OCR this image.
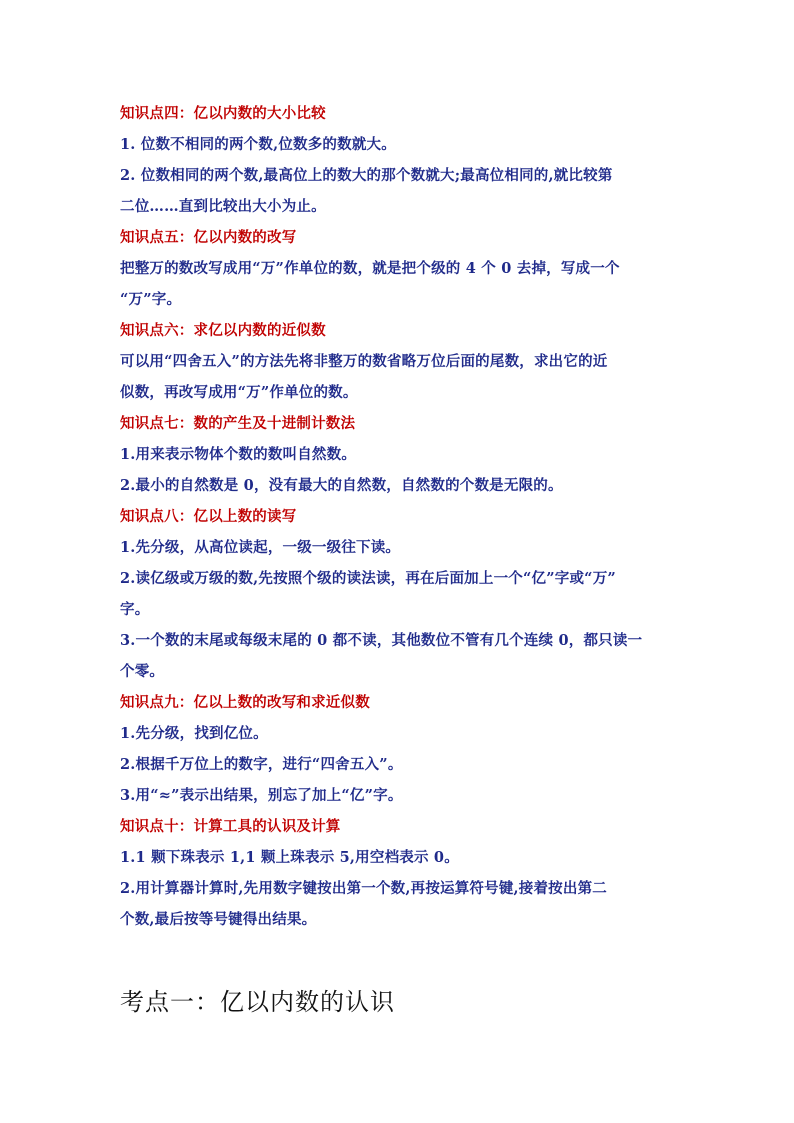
知识点四：亿以内数的大小比较
1. 位数不相同的两个数,位数多的数就大。
2. 位数相同的两个数,最高位上的数大的那个数就大;最高位相同的,就比较第
二位……直到比较出大小为止。
知识点五：亿以内数的改写
把整万的数改写成用“万”作单位的数，就是把个级的 4 个 0 去掉，写成一个
“万”字。
知识点六：求亿以内数的近似数
可以用“四舍五入”的方法先将非整万的数省略万位后面的尾数，求出它的近
似数，再改写成用“万”作单位的数。
知识点七：数的产生及十进制计数法
1.用来表示物体个数的数叫自然数。
2.最小的自然数是 0，没有最大的自然数，自然数的个数是无限的。
知识点八：亿以上数的读写
1.先分级，从高位读起，一级一级往下读。
2.读亿级或万级的数,先按照个级的读法读，再在后面加上一个“亿”字或“万”
字。
3.一个数的末尾或每级末尾的 0 都不读，其他数位不管有几个连续 0，都只读一
个零。
知识点九：亿以上数的改写和求近似数
1.先分级，找到亿位。
2.根据千万位上的数字，进行“四舍五入”。
3.用“≈”表示出结果，别忘了加上“亿”字。
知识点十：计算工具的认识及计算
1.1 颗下珠表示 1,1 颗上珠表示 5,用空档表示 0。
2.用计算器计算时,先用数字键按出第一个数,再按运算符号键,接着按出第二
个数,最后按等号键得出结果。
考点一：亿以内数的认识
